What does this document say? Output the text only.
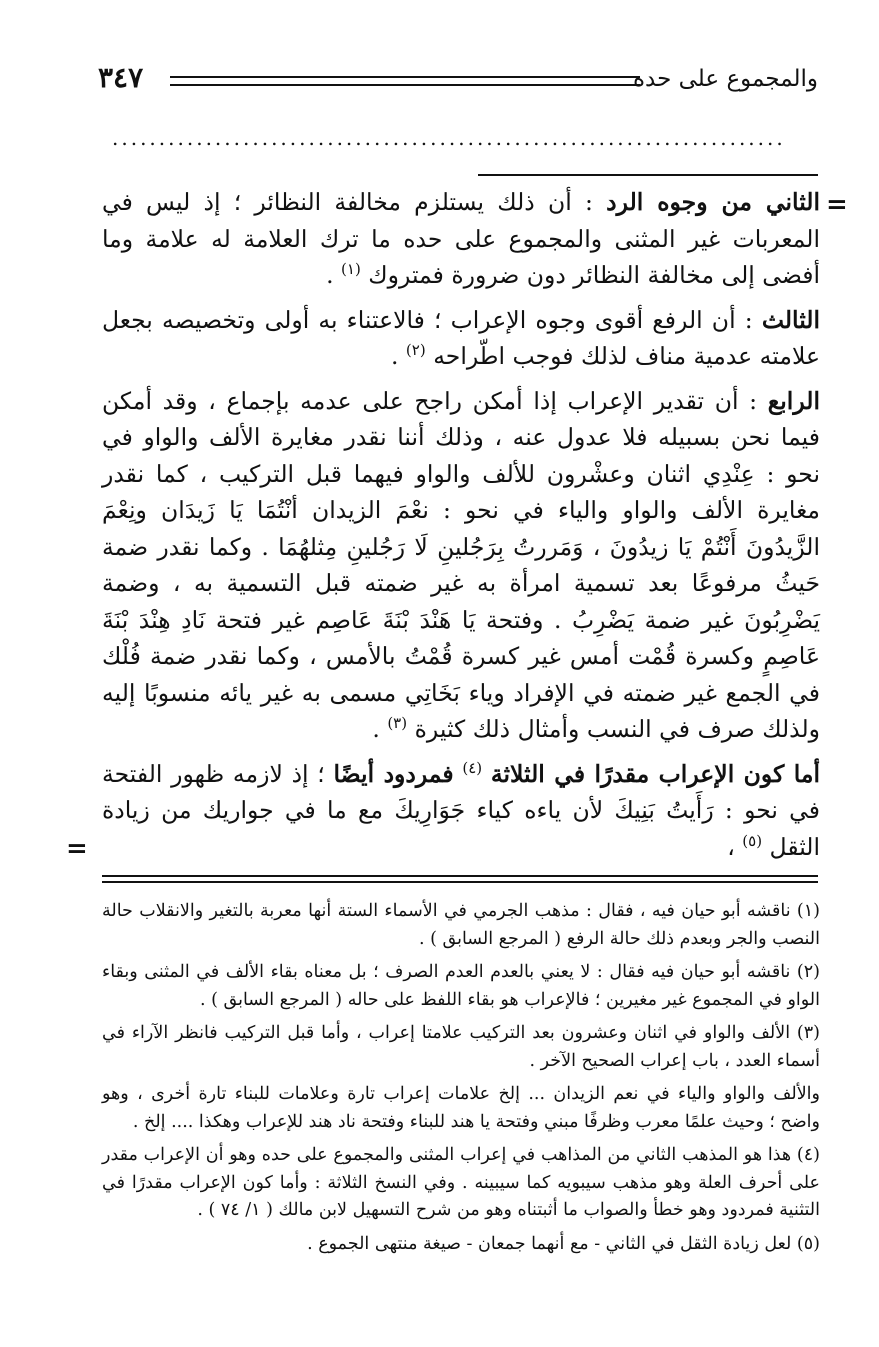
والمجموع على حده
٣٤٧
........................................................................
=

الثاني من وجوه الرد : أن ذلك يستلزم مخالفة النظائر ؛ إذ ليس في المعربات غير المثنى والمجموع على حده ما ترك العلامة له علامة وما أفضى إلى مخالفة النظائر دون ضرورة فمتروك $^{(١)}$ .

الثالث : أن الرفع أقوى وجوه الإعراب ؛ فالاعتناء به أولى وتخصيصه بجعل علامته عدمية مناف لذلك فوجب اطّراحه $^{(٢)}$ .

الرابع : أن تقدير الإعراب إذا أمكن راجح على عدمه بإجماع ، وقد أمكن فيما نحن بسبيله فلا عدول عنه ، وذلك أننا نقدر مغايرة الألف والواو في نحو : عِنْدِي اثنان وعشْرون للألف والواو فيهما قبل التركيب ، كما نقدر مغايرة الألف والواو والياء في نحو : نعْمَ الزيدان أنْتُمَا يَا زَيدَان ونِعْمَ الزَّيدُونَ أَنْتُمْ يَا زيدُونَ ، وَمَررتُ بِرَجُلينِ لَا رَجُلينِ مِثلهُمَا . وكما نقدر ضمة حَيثُ مرفوعًا بعد تسمية امرأة به غير ضمته قبل التسمية به ، وضمة يَضْرِبُونَ غير ضمة يَضْرِبُ . وفتحة يَا هَنْدَ بْنَةَ عَاصِم غير فتحة نَادِ هِنْدَ بْنَةَ عَاصِمٍ وكسرة قُمْت أمس غير كسرة قُمْتُ بالأمس ، وكما نقدر ضمة فُلْك في الجمع غير ضمته في الإفراد وياء بَخَاتِي مسمى به غير يائه منسوبًا إليه ولذلك صرف في النسب وأمثال ذلك كثيرة $^{(٣)}$ .

أما كون الإعراب مقدرًا في الثلاثة $^{(٤)}$ فمردود أيضًا ؛ إذ لازمه ظهور الفتحة في نحو : رَأَيتُ بَنِيكَ لأن ياءه كياء جَوَارِيكَ مع ما في جواريك من زيادة الثقل $^{(٥)}$ ،

=

(١) ناقشه أبو حيان فيه ، فقال : مذهب الجرمي في الأسماء الستة أنها معربة بالتغير والانقلاب حالة النصب والجر وبعدم ذلك حالة الرفع ( المرجع السابق ) .

(٢) ناقشه أبو حيان فيه فقال : لا يعني بالعدم العدم الصرف ؛ بل معناه بقاء الألف في المثنى وبقاء الواو في المجموع غير مغيرين ؛ فالإعراب هو بقاء اللفظ على حاله ( المرجع السابق ) .

(٣) الألف والواو في اثنان وعشرون بعد التركيب علامتا إعراب ، وأما قبل التركيب فانظر الآراء في أسماء العدد ، باب إعراب الصحيح الآخر .

والألف والواو والياء في نعم الزيدان ... إلخ علامات إعراب تارة وعلامات للبناء تارة أخرى ، وهو واضح ؛ وحيث علمًا معرب وظرفًا مبني وفتحة يا هند للبناء وفتحة ناد هند للإعراب وهكذا .... إلخ .

(٤) هذا هو المذهب الثاني من المذاهب في إعراب المثنى والمجموع على حده وهو أن الإعراب مقدر على أحرف العلة وهو مذهب سيبويه كما سيبينه . وفي النسخ الثلاثة : وأما كون الإعراب مقدرًا في التثنية فمردود وهو خطأ والصواب ما أثبتناه وهو من شرح التسهيل لابن مالك ( ١/ ٧٤ ) .

(٥) لعل زيادة الثقل في الثاني - مع أنهما جمعان - صيغة منتهى الجموع .
